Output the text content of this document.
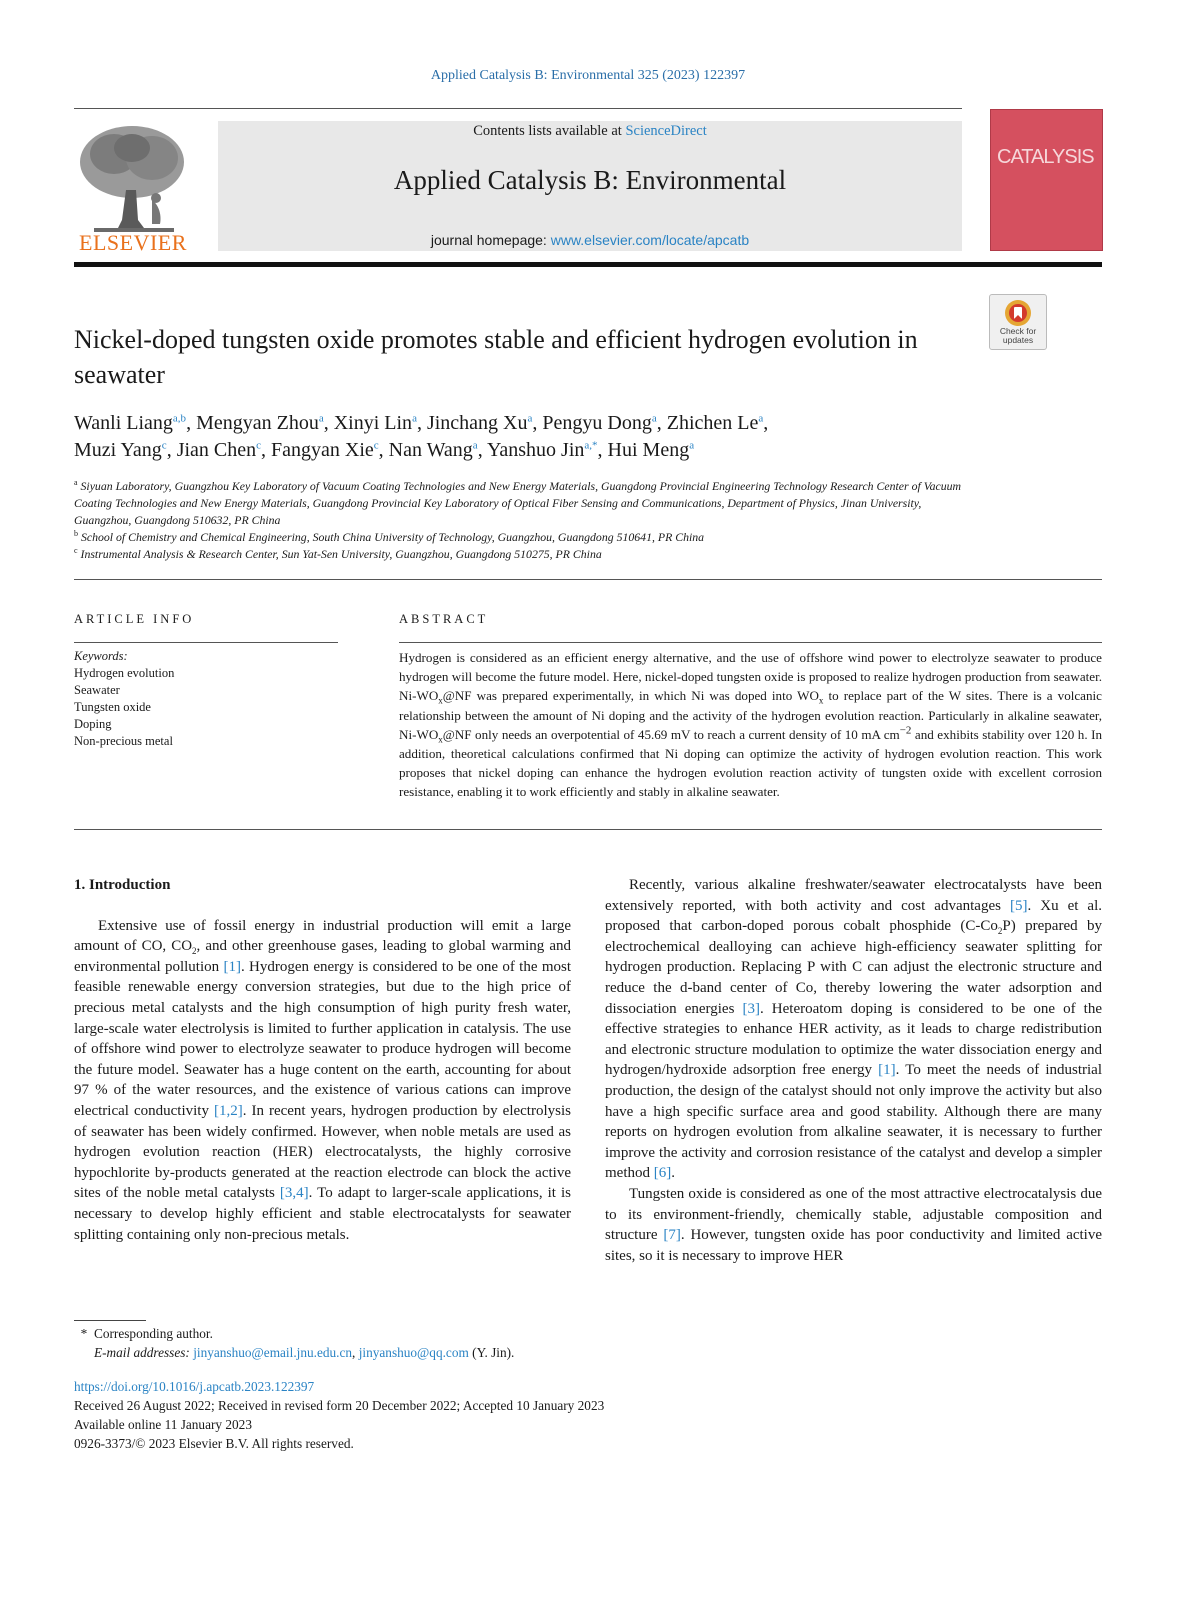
Applied Catalysis B: Environmental 325 (2023) 122397
ELSEVIER
Contents lists available at ScienceDirect
Applied Catalysis B: Environmental
journal homepage: www.elsevier.com/locate/apcatb
CATALYSIS
Nickel-doped tungsten oxide promotes stable and efficient hydrogen evolution in seawater
Check for
updates
Wanli Liang$^{a,b}$, Mengyan Zhou$^a$, Xinyi Lin$^a$, Jinchang Xu$^a$, Pengyu Dong$^a$, Zhichen Le$^a$,
Muzi Yang$^c$, Jian Chen$^c$, Fangyan Xie$^c$, Nan Wang$^a$, Yanshuo Jin$^{a,*}$, Hui Meng$^a$
$^a$ Siyuan Laboratory, Guangzhou Key Laboratory of Vacuum Coating Technologies and New Energy Materials, Guangdong Provincial Engineering Technology Research Center of Vacuum Coating Technologies and New Energy Materials, Guangdong Provincial Key Laboratory of Optical Fiber Sensing and Communications, Department of Physics, Jinan University, Guangzhou, Guangdong 510632, PR China
$^b$ School of Chemistry and Chemical Engineering, South China University of Technology, Guangzhou, Guangdong 510641, PR China
$^c$ Instrumental Analysis & Research Center, Sun Yat-Sen University, Guangzhou, Guangdong 510275, PR China
ARTICLE INFO
Keywords:
Hydrogen evolution
Seawater
Tungsten oxide
Doping
Non-precious metal
ABSTRACT
Hydrogen is considered as an efficient energy alternative, and the use of offshore wind power to electrolyze seawater to produce hydrogen will become the future model. Here, nickel-doped tungsten oxide is proposed to realize hydrogen production from seawater. $Ni-WO_x@NF$ was prepared experimentally, in which Ni was doped into $WO_x$ to replace part of the W sites. There is a volcanic relationship between the amount of Ni doping and the activity of the hydrogen evolution reaction. Particularly in alkaline seawater, $Ni-WO_x@NF$ only needs an overpotential of 45.69 mV to reach a current density of 10 mA $cm^{-2}$ and exhibits stability over 120 h. In addition, theoretical calculations confirmed that Ni doping can optimize the activity of hydrogen evolution reaction. This work proposes that nickel doping can enhance the hydrogen evolution reaction activity of tungsten oxide with excellent corrosion resistance, enabling it to work efficiently and stably in alkaline seawater.

1. Introduction

Extensive use of fossil energy in industrial production will emit a large amount of CO, $CO_2$, and other greenhouse gases, leading to global warming and environmental pollution [1]. Hydrogen energy is considered to be one of the most feasible renewable energy conversion strategies, but due to the high price of precious metal catalysts and the high consumption of high purity fresh water, large-scale water electrolysis is limited to further application in catalysis. The use of offshore wind power to electrolyze seawater to produce hydrogen will become the future model. Seawater has a huge content on the earth, accounting for about 97 % of the water resources, and the existence of various cations can improve electrical conductivity [1,2]. In recent years, hydrogen production by electrolysis of seawater has been widely confirmed. However, when noble metals are used as hydrogen evolution reaction (HER) electrocatalysts, the highly corrosive hypochlorite by-products generated at the reaction electrode can block the active sites of the noble metal catalysts [3,4]. To adapt to larger-scale applications, it is necessary to develop highly efficient and stable electrocatalysts for seawater splitting containing only non-precious metals.

Recently, various alkaline freshwater/seawater electrocatalysts have been extensively reported, with both activity and cost advantages [5]. Xu et al. proposed that carbon-doped porous cobalt phosphide $(C-Co_2P)$ prepared by electrochemical dealloying can achieve high-efficiency seawater splitting for hydrogen production. Replacing P with C can adjust the electronic structure and reduce the d-band center of Co, thereby lowering the water adsorption and dissociation energies [3]. Heteroatom doping is considered to be one of the effective strategies to enhance HER activity, as it leads to charge redistribution and electronic structure modulation to optimize the water dissociation energy and hydrogen/hydroxide adsorption free energy [1]. To meet the needs of industrial production, the design of the catalyst should not only improve the activity but also have a high specific surface area and good stability. Although there are many reports on hydrogen evolution from alkaline seawater, it is necessary to further improve the activity and corrosion resistance of the catalyst and develop a simpler method [6].

Tungsten oxide is considered as one of the most attractive electrocatalysis due to its environment-friendly, chemically stable, adjustable composition and structure [7]. However, tungsten oxide has poor conductivity and limited active sites, so it is necessary to improve HER

* Corresponding author.
E-mail addresses: jinyanshuo@email.jnu.edu.cn, jinyanshuo@qq.com (Y. Jin).
https://doi.org/10.1016/j.apcatb.2023.122397
Received 26 August 2022; Received in revised form 20 December 2022; Accepted 10 January 2023
Available online 11 January 2023
0926-3373/© 2023 Elsevier B.V. All rights reserved.
